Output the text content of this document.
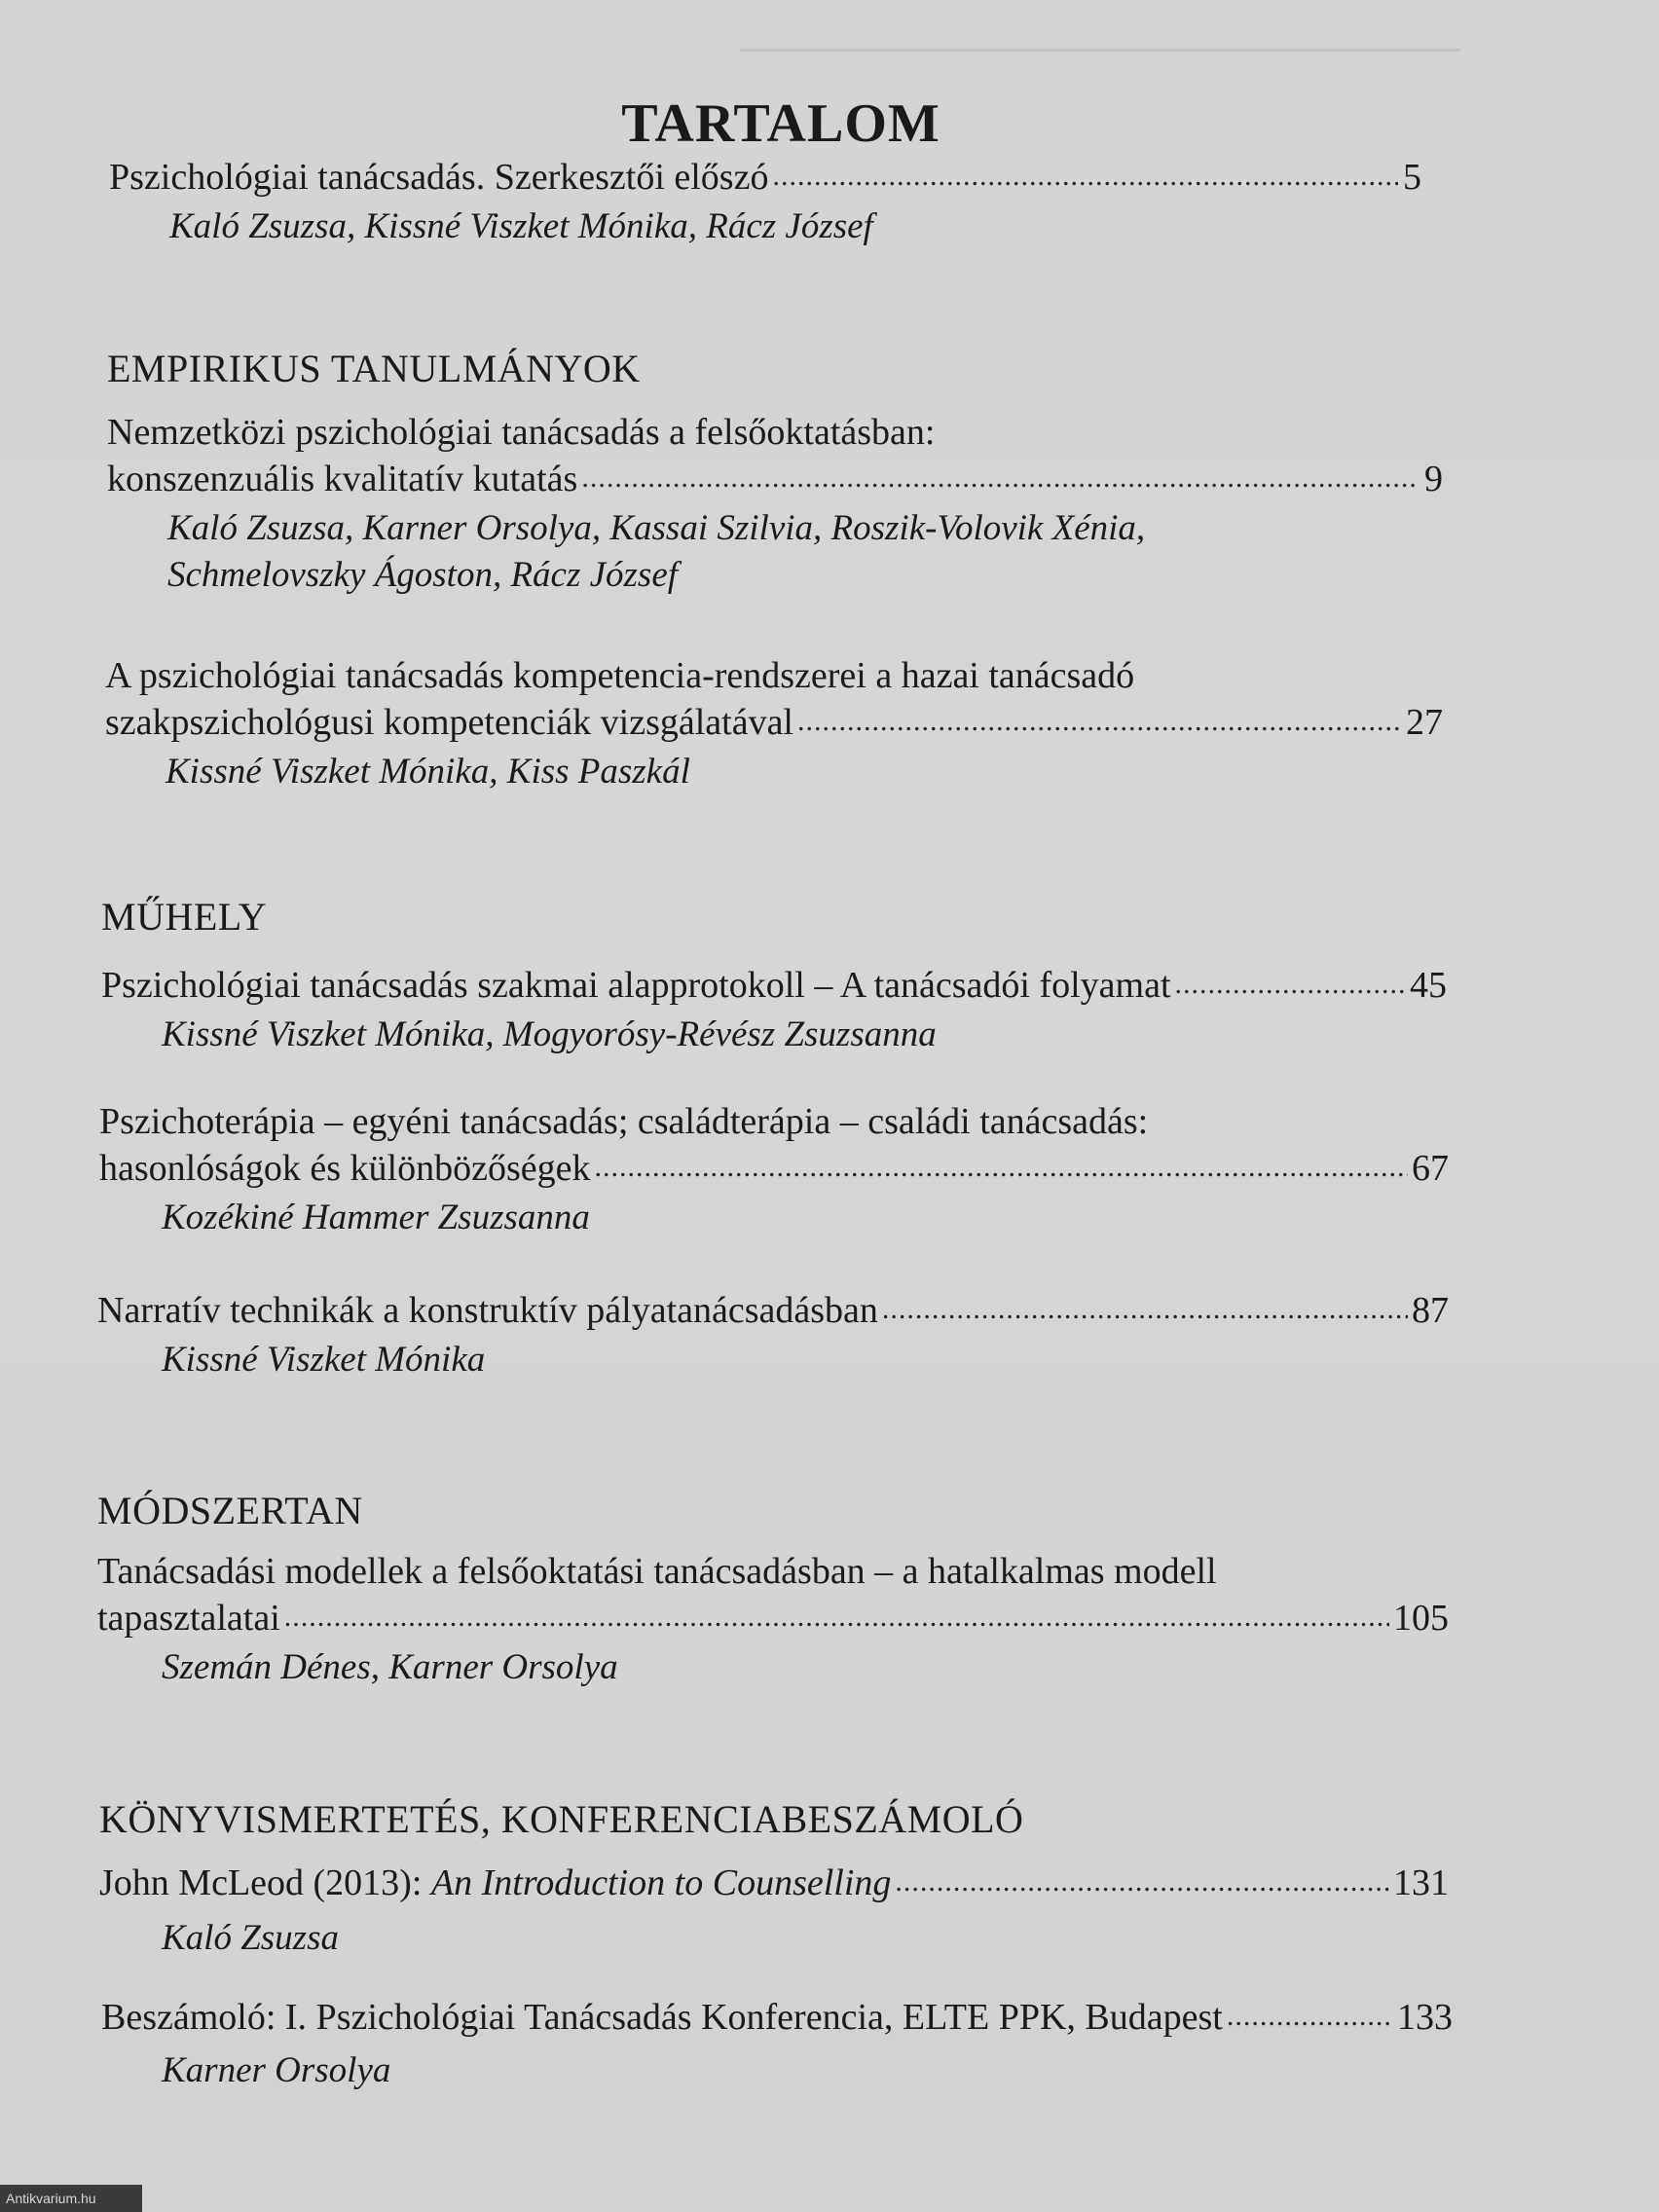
TARTALOM
Pszichológiai tanácsadás. Szerkesztői előszó .....	5
Kaló Zsuzsa, Kissné Viszket Mónika, Rácz József
EMPIRIKUS TANULMÁNYOK
Nemzetközi pszichológiai tanácsadás a felsőoktatásban:
konszenzuális kvalitatív kutatás .....	9
Kaló Zsuzsa, Karner Orsolya, Kassai Szilvia, Roszik-Volovik Xénia,
Schmelovszky Ágoston, Rácz József
A pszichológiai tanácsadás kompetencia-rendszerei a hazai tanácsadó
szakpszichológusi kompetenciák vizsgálatával .....	27
Kissné Viszket Mónika, Kiss Paszkál
MŰHELY
Pszichológiai tanácsadás szakmai alapprotokoll – A tanácsadói folyamat .....	45
Kissné Viszket Mónika, Mogyorósy-Révész Zsuzsanna
Pszichoterápia – egyéni tanácsadás; családterápia – családi tanácsadás:
hasonlóságok és különbözőségek .....	67
Kozékiné Hammer Zsuzsanna
Narratív technikák a konstruktív pályatanácsadásban .....	87
Kissné Viszket Mónika
MÓDSZERTAN
Tanácsadási modellek a felsőoktatási tanácsadásban – a hatalkalmas modell
tapasztalatai .....	105
Szemán Dénes, Karner Orsolya
KÖNYVISMERTETÉS, KONFERENCIABESZÁMOLÓ
John McLeod (2013): An Introduction to Counselling .....	131
Kaló Zsuzsa
Beszámoló: I. Pszichológiai Tanácsadás Konferencia, ELTE PPK, Budapest .....	133
Karner Orsolya
Antikvarium.hu
